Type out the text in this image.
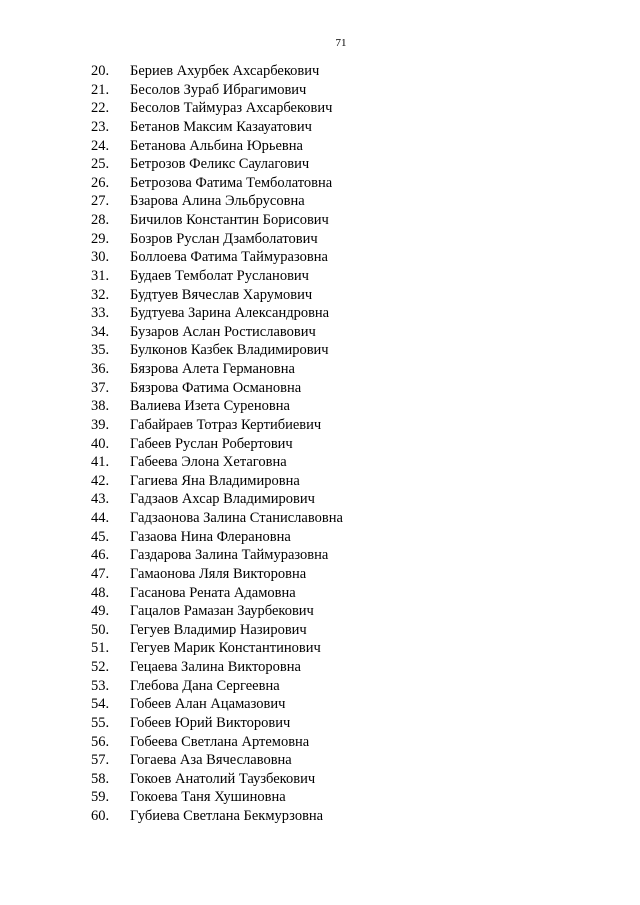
71
20. Бериев Ахурбек Ахсарбекович
21. Бесолов Зураб Ибрагимович
22. Бесолов Таймураз Ахсарбекович
23. Бетанов Максим Казауатович
24. Бетанова Альбина Юрьевна
25. Бетрозов Феликс Саулагович
26. Бетрозова Фатима Темболатовна
27. Бзарова Алина Эльбрусовна
28. Бичилов Константин Борисович
29. Бозров Руслан Дзамболатович
30. Боллоева Фатима Таймуразовна
31. Будаев Темболат Русланович
32. Будтуев Вячеслав Харумович
33. Будтуева Зарина Александровна
34. Бузаров Аслан Ростиславович
35. Булконов Казбек Владимирович
36. Бязрова Алета Германовна
37. Бязрова Фатима Османовна
38. Валиева Изета Суреновна
39. Габайраев Тотраз Кертибиевич
40. Габеев Руслан Робертович
41. Габеева Элона Хетаговна
42. Гагиева Яна Владимировна
43. Гадзаов Ахсар Владимирович
44. Гадзаонова Залина Станиславовна
45. Газаова Нина Флерановна
46. Газдарова Залина Таймуразовна
47. Гамаонова Ляля Викторовна
48. Гасанова Рената Адамовна
49. Гацалов Рамазан Заурбекович
50. Гегуев Владимир Назирович
51. Гегуев Марик Константинович
52. Гецаева Залина Викторовна
53. Глебова Дана Сергеевна
54. Гобеев Алан Ацамазович
55. Гобеев Юрий Викторович
56. Гобеева Светлана Артемовна
57. Гогаева Аза Вячеславовна
58. Гокоев Анатолий Таузбекович
59. Гокоева Таня Хушиновна
60. Губиева Светлана Бекмурзовна
